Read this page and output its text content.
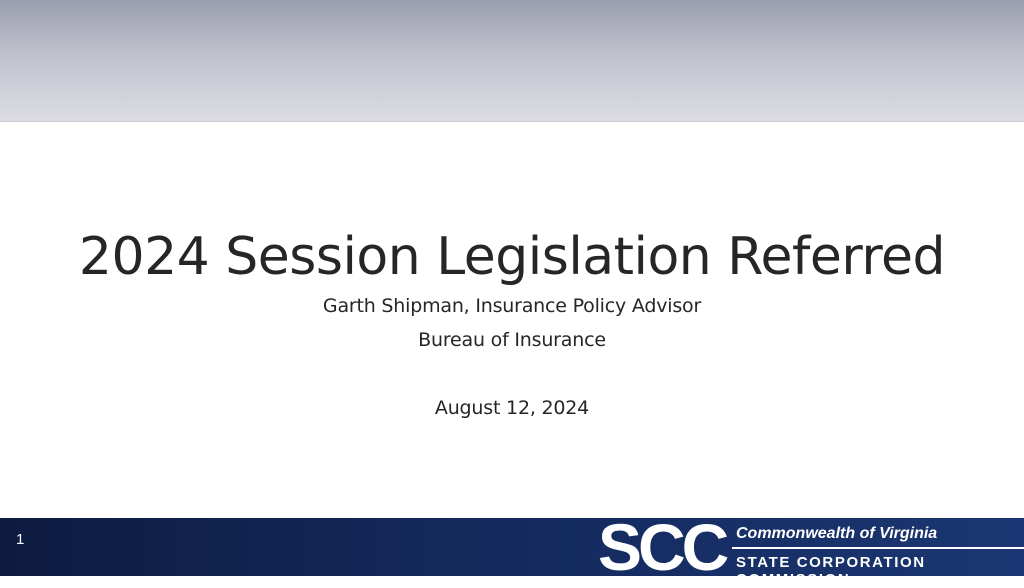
2024 Session Legislation Referred
Garth Shipman, Insurance Policy Advisor
Bureau of Insurance
August 12, 2024
1	SCC Commonwealth of Virginia
STATE CORPORATION COMMISSION
